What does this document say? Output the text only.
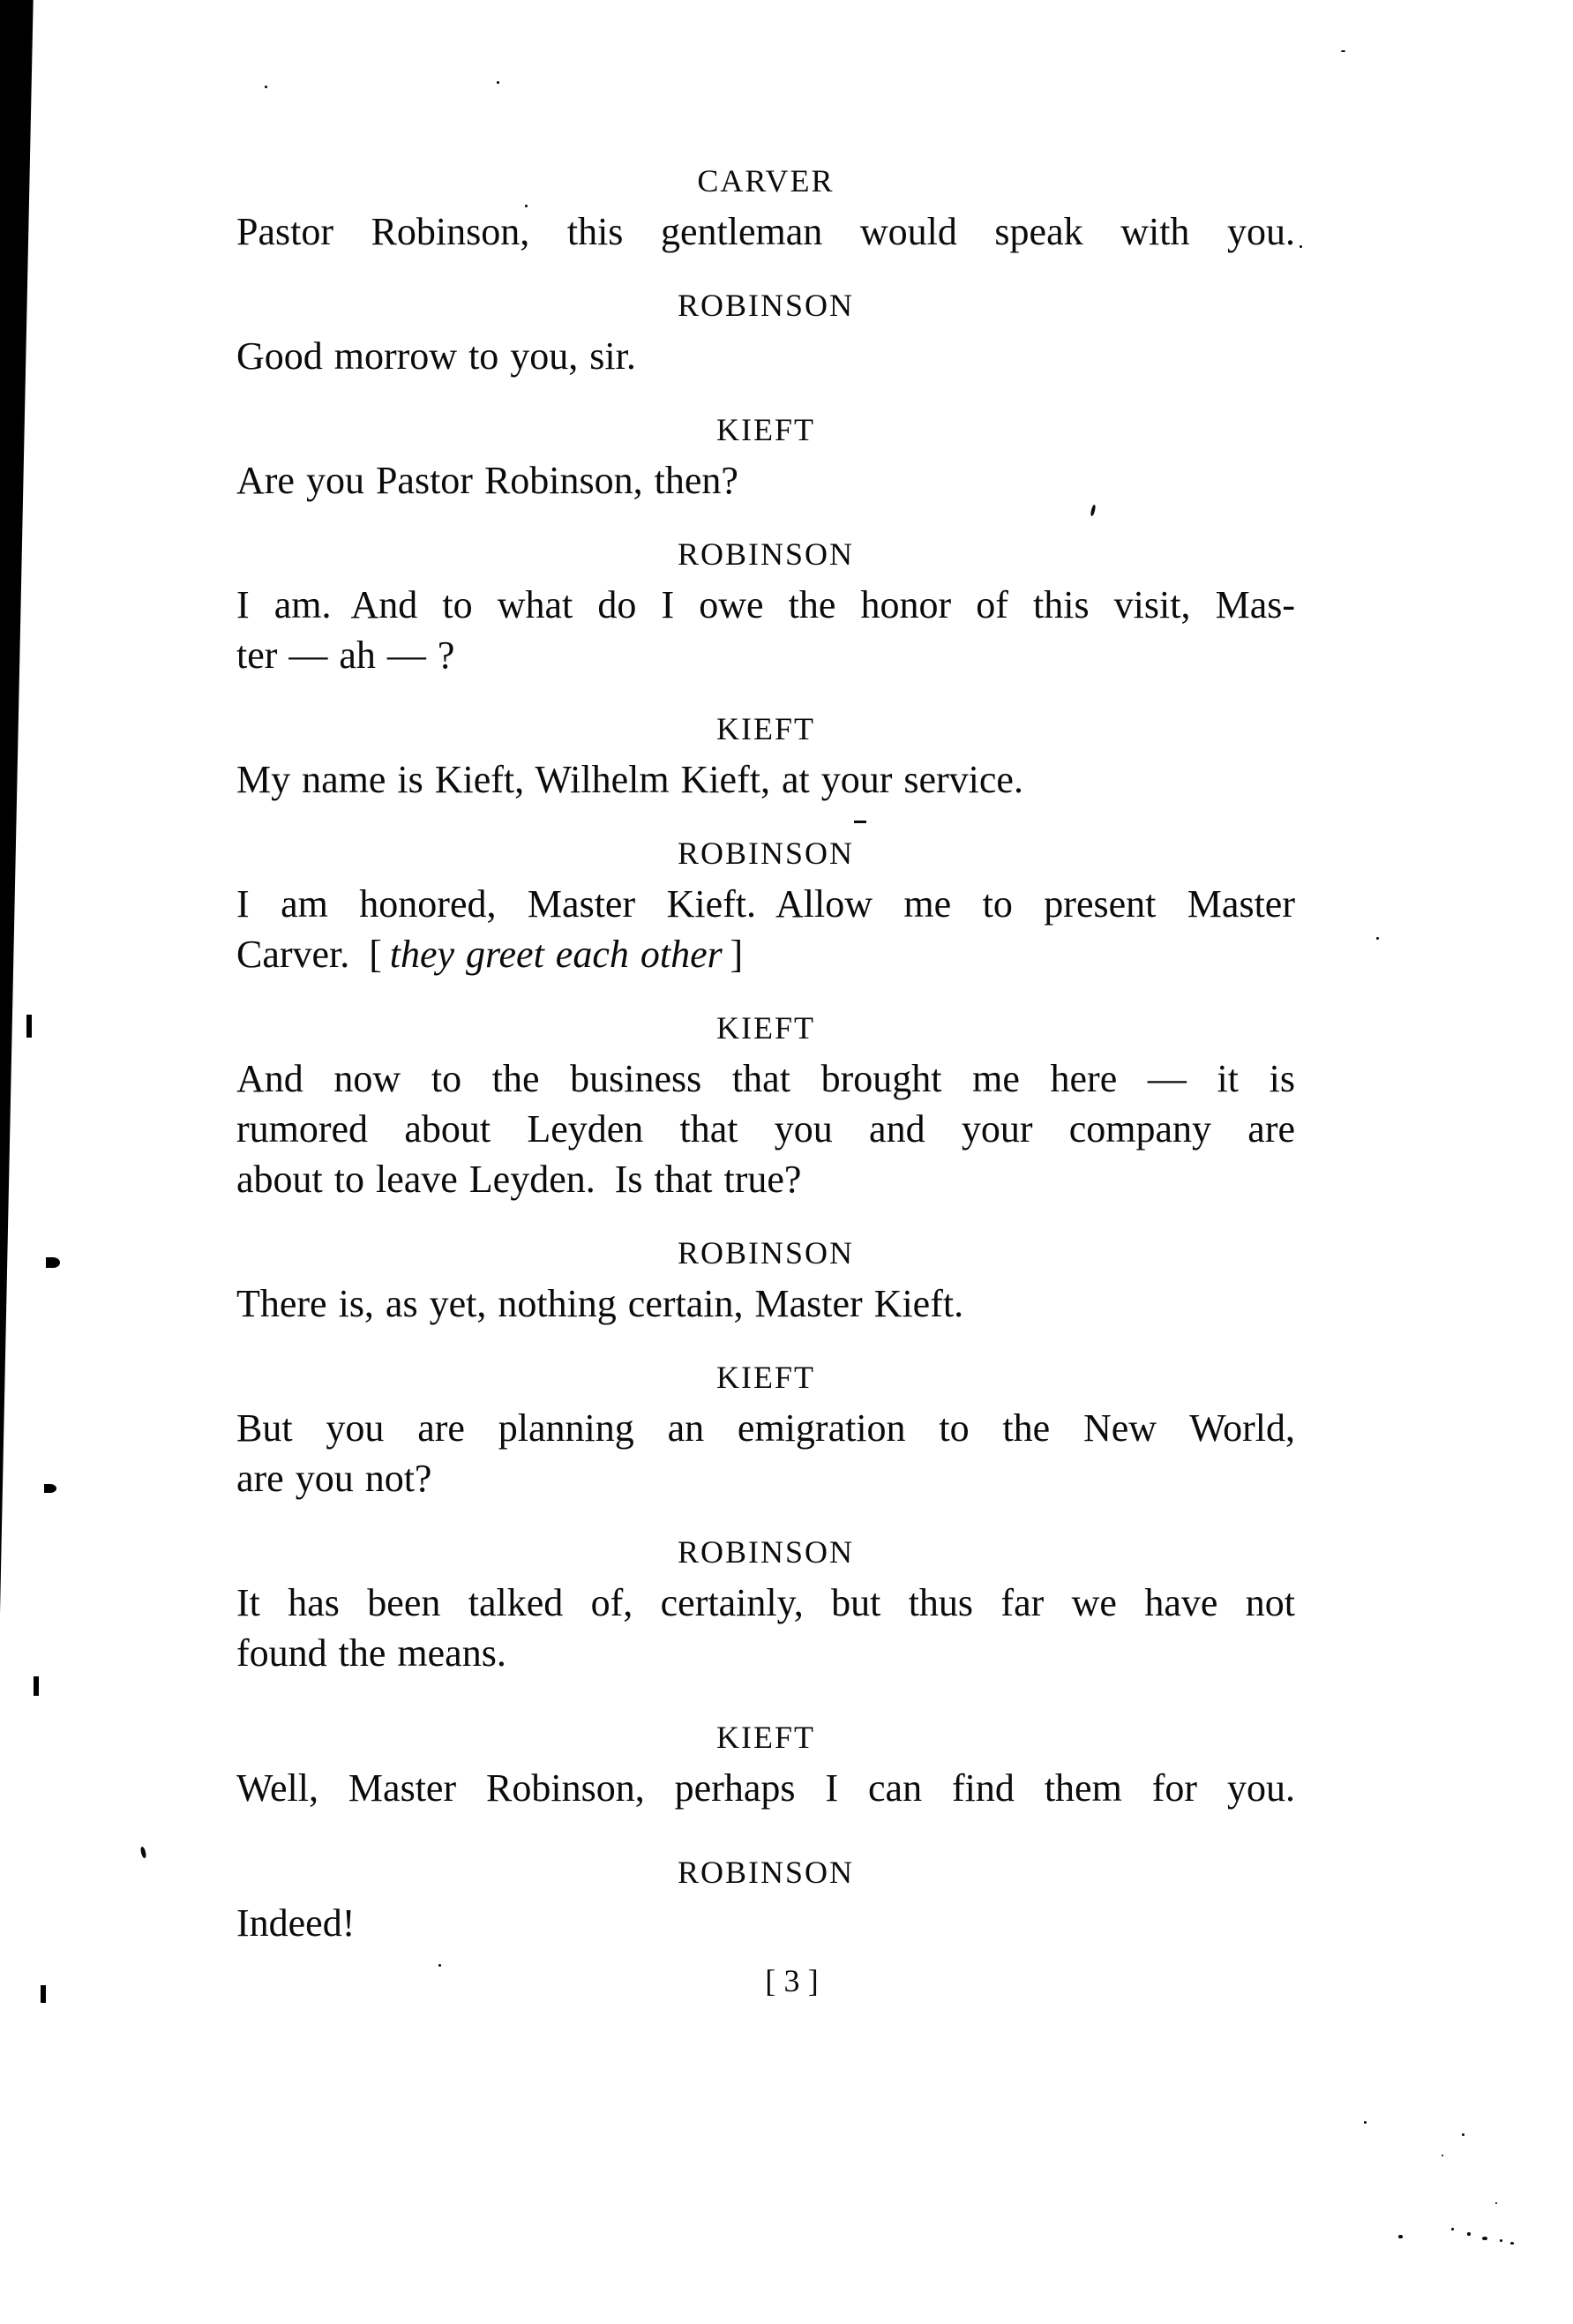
CARVER
Pastor Robinson, this gentleman would speak with you.
ROBINSON
Good morrow to you, sir.
KIEFT
Are you Pastor Robinson, then?
ROBINSON
I am. And to what do I owe the honor of this visit, Mas-
ter — ah — ?
KIEFT
My name is Kieft, Wilhelm Kieft, at your service.
ROBINSON
I am honored, Master Kieft. Allow me to present Master
Carver. [ they greet each other ]
KIEFT
And now to the business that brought me here — it is
rumored about Leyden that you and your company are
about to leave Leyden. Is that true?
ROBINSON
There is, as yet, nothing certain, Master Kieft.
KIEFT
But you are planning an emigration to the New World,
are you not?
ROBINSON
It has been talked of, certainly, but thus far we have not
found the means.
KIEFT
Well, Master Robinson, perhaps I can find them for you.
ROBINSON
Indeed!
[ 3 ]
